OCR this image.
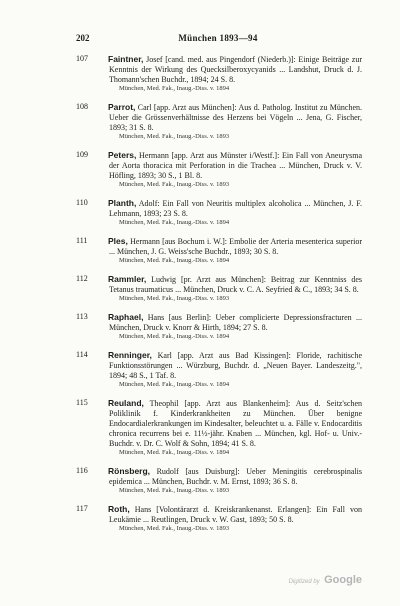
202	München 1893—94
107 Faintner, Josef [cand. med. aus Pingendorf (Niederb.)]: Einige Beiträge zur Kenntnis der Wirkung des Quecksilberoxycyanids ... Landshut, Druck d. J. Thomann'schen Buchdr., 1894; 24 S. 8.
München, Med. Fak., Inaug.-Diss. v. 1894
108 Parrot, Carl [app. Arzt aus München]: Aus d. Patholog. Institut zu München. Ueber die Grössenverhältnisse des Herzens bei Vögeln ... Jena, G. Fischer, 1893; 31 S. 8.
München, Med. Fak., Inaug.-Diss. v. 1893
109 Peters, Hermann [app. Arzt aus Münster i/Westf.]: Ein Fall von Aneurysma der Aorta thoracica mit Perforation in die Trachea ... München, Druck v. V. Höfling, 1893; 30 S., 1 Bl. 8.
München, Med. Fak., Inaug.-Diss. v. 1893
110 Planth, Adolf: Ein Fall von Neuritis multiplex alcoholica ... München, J. F. Lehmann, 1893; 23 S. 8.
München, Med. Fak., Inaug.-Diss. v. 1894
111 Ples, Hermann [aus Bochum i. W.]: Embolie der Arteria mesenterica superior ... München, J. G. Weiss'sche Buchdr., 1893; 30 S. 8.
München, Med. Fak., Inaug.-Diss. v. 1894
112 Rammler, Ludwig [pr. Arzt aus München]: Beitrag zur Kenntniss des Tetanus traumaticus ... München, Druck v. C. A. Seyfried & C., 1893; 34 S. 8.
München, Med. Fak., Inaug.-Diss. v. 1893
113 Raphael, Hans [aus Berlin]: Ueber complicierte Depressionsfracturen ... München, Druck v. Knorr & Hirth, 1894; 27 S. 8.
München, Med. Fak., Inaug.-Diss. v. 1894
114 Renninger, Karl [app. Arzt aus Bad Kissingen]: Floride, rachitische Funktionsstörungen ... Würzburg, Buchdr. d. „Neuen Bayer. Landeszeitg.", 1894; 48 S., 1 Taf. 8.
München, Med. Fak., Inaug.-Diss. v. 1894
115 Reuland, Theophil [app. Arzt aus Blankenheim]: Aus d. Seitz'schen Poliklinik f. Kinderkrankheiten zu München. Über benigne Endocardialerkrankungen im Kindesalter, beleuchtet u. a. Fälle v. Endocarditis chronica recurrens bei e. 11½-jähr. Knaben ... München, kgl. Hof- u. Univ.-Buchdr. v. Dr. C. Wolf & Sohn, 1894; 41 S. 8.
München, Med. Fak., Inaug.-Diss. v. 1894
116 Rönsberg, Rudolf [aus Duisburg]: Ueber Meningitis cerebrospinalis epidemica ... München, Buchdr. v. M. Ernst, 1893; 36 S. 8.
München, Med. Fak., Inaug.-Diss. v. 1893
117 Roth, Hans [Volontärarzt d. Kreiskrankenanst. Erlangen]: Ein Fall von Leukämie ... Reutlingen, Druck v. W. Gast, 1893; 50 S. 8.
München, Med. Fak., Inaug.-Diss. v. 1893
Digitized by Google
